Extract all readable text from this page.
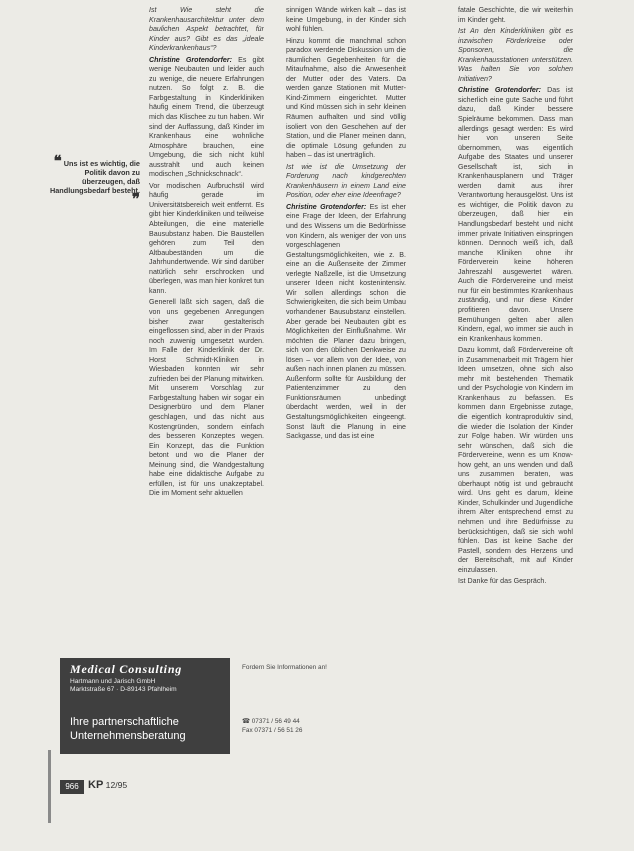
Ist Wie steht die Krankenhausarchitektur unter dem baulichen Aspekt betrachtet, für Kinder aus? Gibt es das „ideale Kinderkrankenhaus“?

Christine Grotendorfer: Es gibt wenige Neubauten und leider auch zu wenige, die neuere Erfahrungen nutzen. So folgt z. B. die Farbgestaltung in Kinderkliniken häufig einem Trend, die überzeugt mich das Klischee zu tun haben. Wir sind der Auffassung, daß Kinder im Krankenhaus eine wohnliche Atmosphäre brauchen, eine Umgebung, die sich nicht kühl ausstrahlt und auch keinen modischen „Schnickschnack“.

Vor modischen Aufbruchstil wird häufig gerade im Universitätsbereich weit entfernt. Es gibt hier Kinderkliniken und teilweise Abteilungen, die eine materielle Bausubstanz haben. Die Baustellen gehören zum Teil den Altbaubeständen um die Jahrhundertwende. Wir sind darüber natürlich sehr erschrocken und überlegen, was man hier konkret tun kann.

Generell läßt sich sagen, daß die von uns gegebenen Anregungen bisher zwar gestalterisch eingeflossen sind, aber in der Praxis noch zuwenig umgesetzt wurden. Im Falle der Kinderklinik der Dr. Horst Schmidt-Kliniken in Wiesbaden konnten wir sehr zufrieden bei der Planung mitwirken. Mit unserem Vorschlag zur Farbgestaltung haben wir sogar ein Designerbüro und dem Planer geschlagen, und das nicht aus Kostengründen, sondern einfach des besseren Konzeptes wegen. Ein Konzept, das die Funktion betont und wo die Planer der Meinung sind, die Wandgestaltung habe eine didaktische Aufgabe zu erfüllen, ist für uns unakzeptabel. Die im Moment sehr aktuellen

sinnigen Wände wirken kalt – das ist keine Umgebung, in der Kinder sich wohl fühlen.

Hinzu kommt die manchmal schon paradox werdende Diskussion um die räumlichen Gegebenheiten für die Mitaufnahme, also die Anwesenheit der Mutter oder des Vaters. Da werden ganze Stationen mit Mutter-Kind-Zimmern eingerichtet. Mutter und Kind müssen sich in sehr kleinen Räumen aufhalten und sind völlig isoliert von den Geschehen auf der Station, und die Planer meinen dann, die optimale Lösung gefunden zu haben – das ist unerträglich.

Ist wie ist die Umsetzung der Forderung nach kindgerechten Krankenhäusern in einem Land eine Position, oder eher eine Ideenfrage?

Christine Grotendorfer: Es ist eher eine Frage der Ideen, der Erfahrung und des Wissens um die Bedürfnisse von Kindern, als weniger der von uns vorgeschlagenen Gestaltungsmöglichkeiten, wie z. B. eine an die Außenseite der Zimmer verlegte Naßzelle, ist die Umsetzung unserer Ideen nicht kostenintensiv. Wir sollen allerdings schon die Schwierigkeiten, die sich beim Umbau vorhandener Bausubstanz einstellen. Aber gerade bei Neubauten gibt es Möglichkeiten der Einflußnahme. Wir möchten die Planer dazu bringen, sich von den üblichen Denkweise zu lösen – vor allem von der Idee, von außen nach innen planen zu müssen. Außenform sollte für Ausbildung der Patientenzimmer zu den Funktionsräumen unbedingt überdacht werden, weil in der Gestaltungsmöglichkeiten eingeengt. Sonst läuft die Planung in eine Sackgasse, und das ist eine

fatale Geschichte, die wir weiterhin im Kinder geht.

Ist An den Kinderkliniken gibt es inzwischen Förderkreise oder Sponsoren, die Krankenhausstationen unterstützen. Was halten Sie von solchen Initiativen?

Christine Grotendorfer: Das ist sicherlich eine gute Sache und führt dazu, daß Kinder bessere Spielräume bekommen. Dass man allerdings gesagt werden: Es wird hier von unseren Seite übernommen, was eigentlich Aufgabe des Staates und unserer Gesellschaft ist, sich in Krankenhausplanern und Träger werden damit aus ihrer Verantwortung herausgelöst. Uns ist es wichtiger, die Politik davon zu überzeugen, daß hier ein Handlungsbedarf besteht und nicht immer private Initiativen einspringen können. Dennoch weiß ich, daß manche Kliniken ohne ihr Förderverein keine höheren Jahreszahl ausgewertet wären. Auch die Fördervereine und meist nur für ein bestimmtes Krankenhaus zuständig, und nur diese Kinder profitieren davon. Unsere Bemühungen gelten aber allen Kindern, egal, wo immer sie auch in ein Krankenhaus kommen.

Dazu kommt, daß Fördervereine oft in Zusammenarbeit mit Trägern hier Ideen umsetzen, ohne sich also mehr mit bestehenden Thematik und der Psychologie von Kindern im Krankenhaus zu befassen. Es kommen dann Ergebnisse zutage, die eigentlich kontraproduktiv sind, die wieder die Isolation der Kinder zur Folge haben. Wir würden uns sehr wünschen, daß sich die Fördervereine, wenn es um Know-how geht, an uns wenden und daß uns zusammen beraten, was überhaupt nötig ist und gebraucht wird. Uns geht es darum, kleine Kinder, Schulkinder und Jugendliche ihrem Alter entsprechend ernst zu nehmen und ihre Bedürfnisse zu berücksichtigen, daß sie sich wohl fühlen. Das ist keine Sache der Pastell, sondern des Herzens und der Bereitschaft, mit auf Kinder einzulassen.

Ist Danke für das Gespräch.

❝ Uns ist es wichtig, die Politik davon zu überzeugen, daß Handlungsbedarf besteht. ❞
Medical Consulting
Hartmann und Jarisch GmbH
Marktstraße 67 · D-89143 Pfahlheim
Ihre partnerschaftliche
Unternehmensberatung
Fordern Sie Informationen an!
☎ 07371 / 56 49 44
Fax 07371 / 56 51 26
966 KP 12/95
